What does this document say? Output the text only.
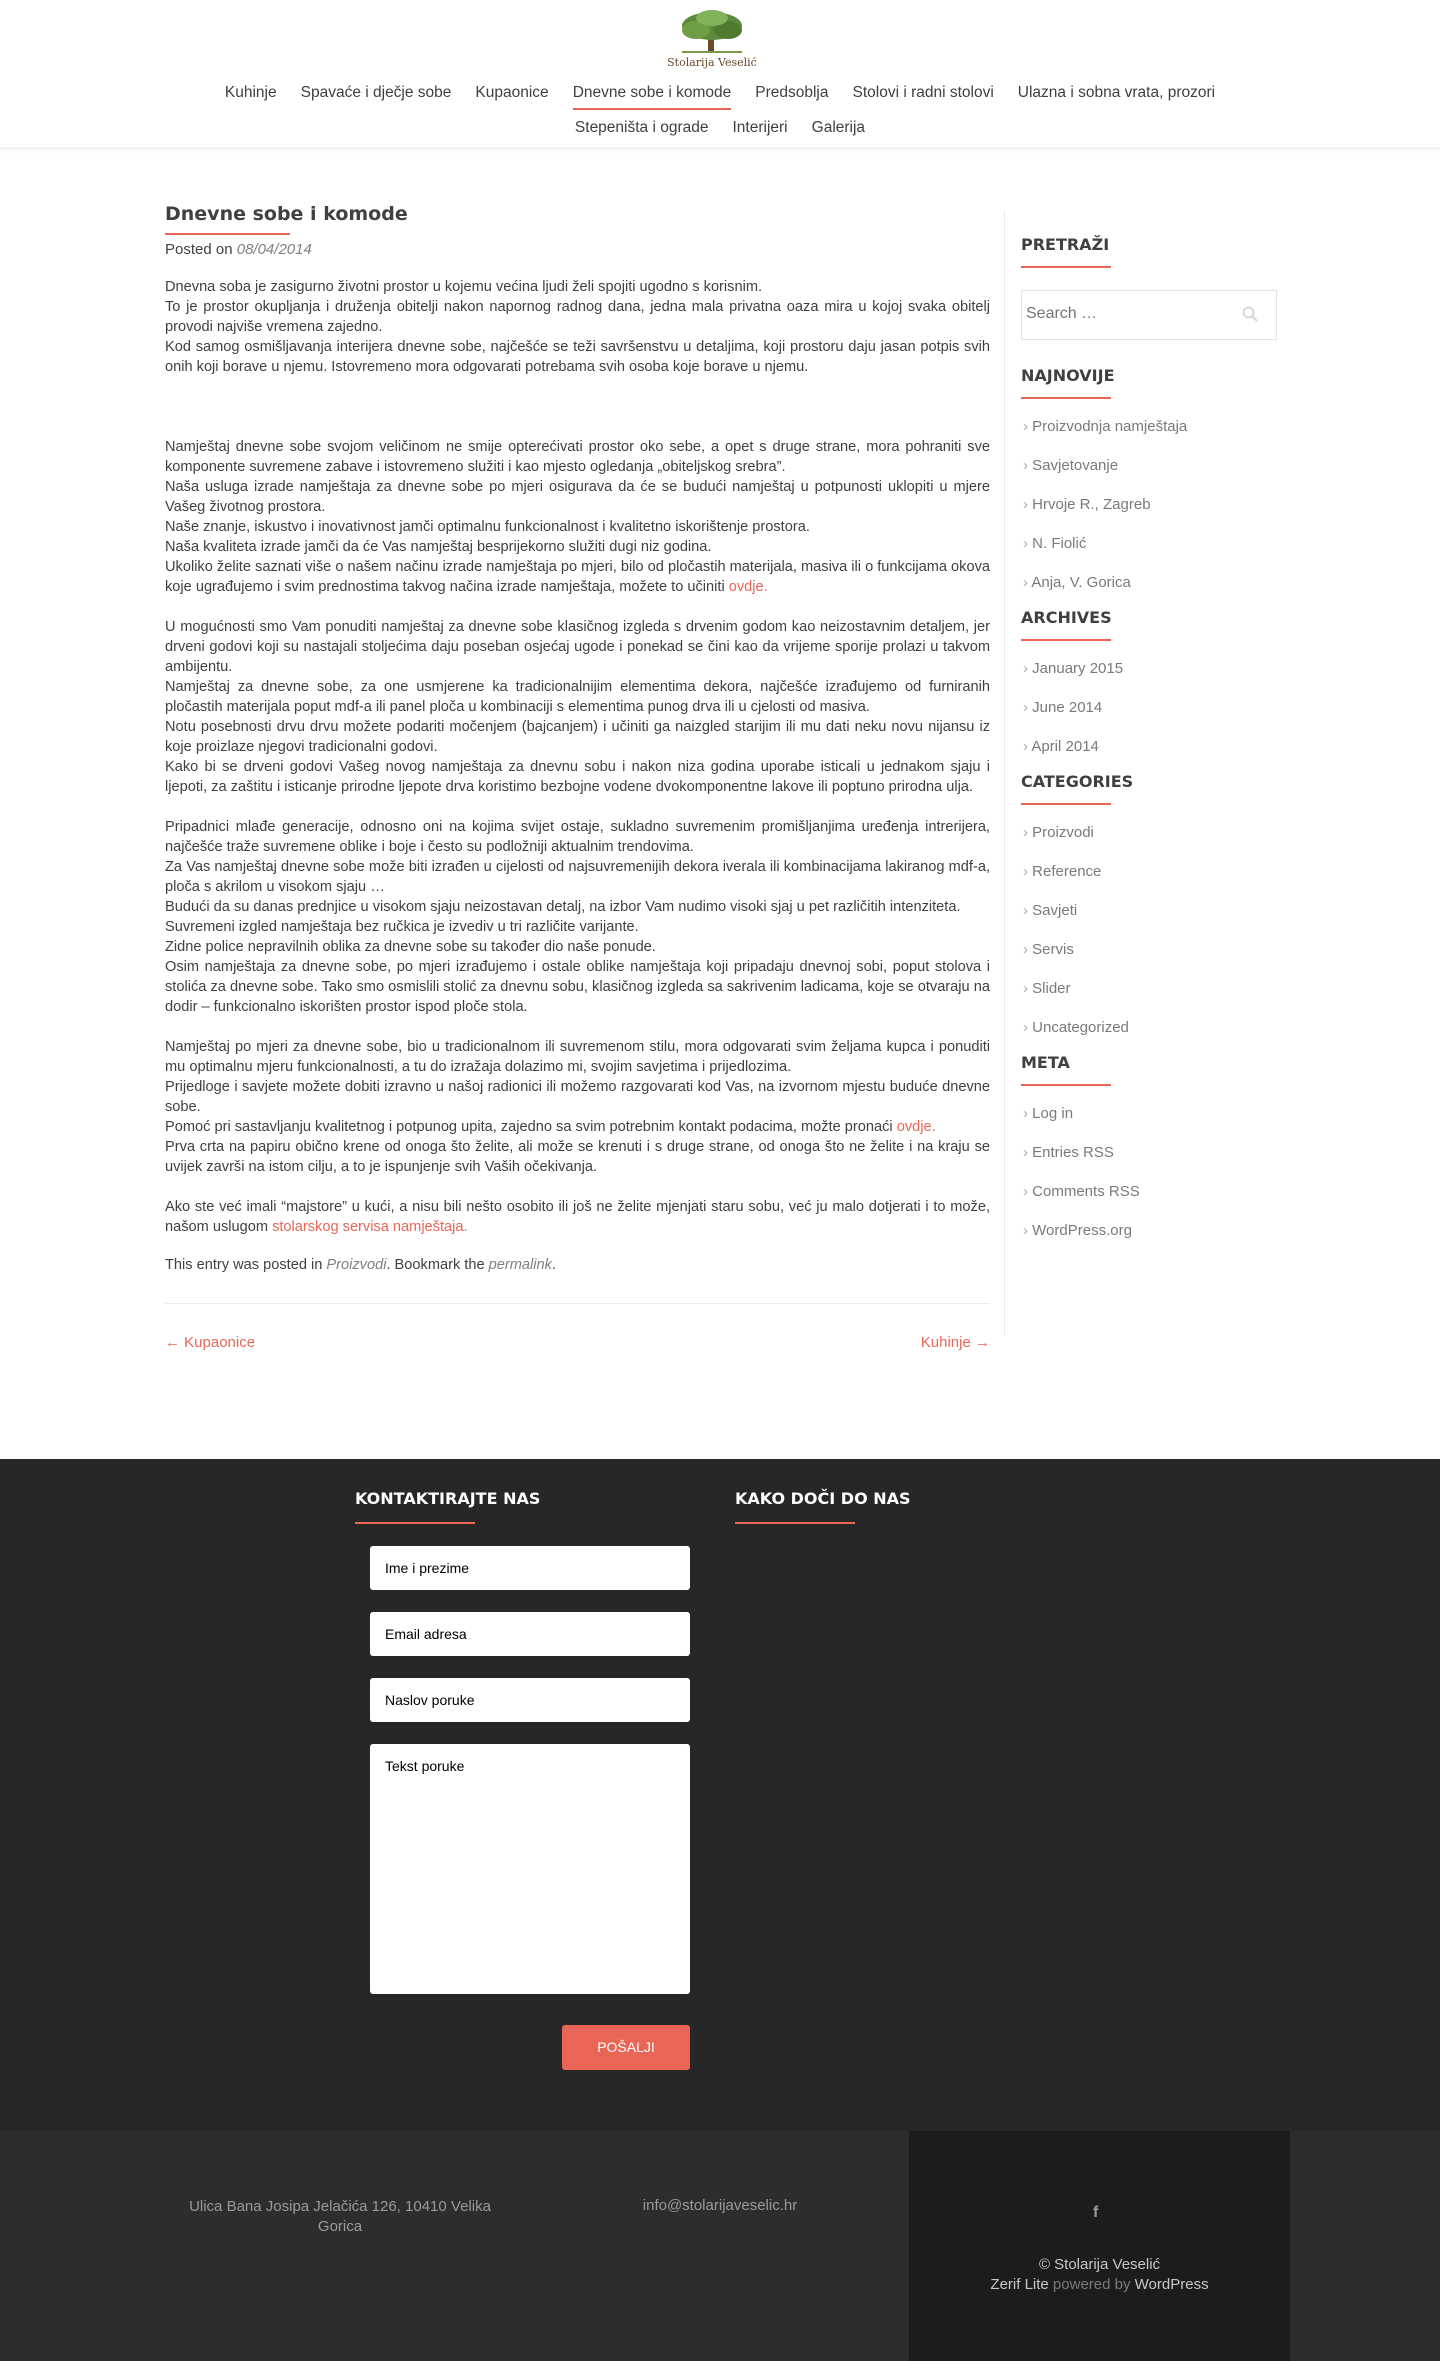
Stolarija Veselić
Kuhinje Spavaće i dječje sobe Kupaonice Dnevne sobe i komode Predsoblja Stolovi i radni stolovi Ulazna i sobna vrata, prozori
Stepeništa i ograde Interijeri Galerija
Dnevne sobe i komode
Posted on 08/04/2014
Dnevna soba je zasigurno životni prostor u kojemu većina ljudi želi spojiti ugodno s korisnim.
To je prostor okupljanja i druženja obitelji nakon napornog radnog dana, jedna mala privatna oaza mira u kojoj svaka obitelj provodi najviše vremena zajedno.
Kod samog osmišljavanja interijera dnevne sobe, najčešće se teži savršenstvu u detaljima, koji prostoru daju jasan potpis svih onih koji borave u njemu. Istovremeno mora odgovarati potrebama svih osoba koje borave u njemu.
Namještaj dnevne sobe svojom veličinom ne smije opterećivati prostor oko sebe, a opet s druge strane, mora pohraniti sve komponente suvremene zabave i istovremeno služiti i kao mjesto ogledanja „obiteljskog srebra”.
Naša usluga izrade namještaja za dnevne sobe po mjeri osigurava da će se budući namještaj u potpunosti uklopiti u mjere Vašeg životnog prostora.
Naše znanje, iskustvo i inovativnost jamči optimalnu funkcionalnost i kvalitetno iskorištenje prostora.
Naša kvaliteta izrade jamči da će Vas namještaj besprijekorno služiti dugi niz godina.
Ukoliko želite saznati više o našem načinu izrade namještaja po mjeri, bilo od pločastih materijala, masiva ili o funkcijama okova koje ugrađujemo i svim prednostima takvog načina izrade namještaja, možete to učiniti ovdje.
U mogućnosti smo Vam ponuditi namještaj za dnevne sobe klasičnog izgleda s drvenim godom kao neizostavnim detaljem, jer drveni godovi koji su nastajali stoljećima daju poseban osjećaj ugode i ponekad se čini kao da vrijeme sporije prolazi u takvom ambijentu.
Namještaj za dnevne sobe, za one usmjerene ka tradicionalnijim elementima dekora, najčešće izrađujemo od furniranih pločastih materijala poput mdf-a ili panel ploča u kombinaciji s elementima punog drva ili u cjelosti od masiva.
Notu posebnosti drvu drvu možete podariti močenjem (bajcanjem) i učiniti ga naizgled starijim ili mu dati neku novu nijansu iz koje proizlaze njegovi tradicionalni godovi.
Kako bi se drveni godovi Vašeg novog namještaja za dnevnu sobu i nakon niza godina uporabe isticali u jednakom sjaju i ljepoti, za zaštitu i isticanje prirodne ljepote drva koristimo bezbojne vodene dvokomponentne lakove ili poptuno prirodna ulja.
Pripadnici mlađe generacije, odnosno oni na kojima svijet ostaje, sukladno suvremenim promišljanjima uređenja intrerijera, najčešće traže suvremene oblike i boje i često su podložniji aktualnim trendovima.
Za Vas namještaj dnevne sobe može biti izrađen u cijelosti od najsuvremenijih dekora iverala ili kombinacijama lakiranog mdf-a, ploča s akrilom u visokom sjaju …
Budući da su danas prednjice u visokom sjaju neizostavan detalj, na izbor Vam nudimo visoki sjaj u pet različitih intenziteta.
Suvremeni izgled namještaja bez ručkica je izvediv u tri različite varijante.
Zidne police nepravilnih oblika za dnevne sobe su također dio naše ponude.
Osim namještaja za dnevne sobe, po mjeri izrađujemo i ostale oblike namještaja koji pripadaju dnevnoj sobi, poput stolova i stolića za dnevne sobe. Tako smo osmislili stolić za dnevnu sobu, klasičnog izgleda sa sakrivenim ladicama, koje se otvaraju na dodir – funkcionalno iskorišten prostor ispod ploče stola.
Namještaj po mjeri za dnevne sobe, bio u tradicionalnom ili suvremenom stilu, mora odgovarati svim željama kupca i ponuditi mu optimalnu mjeru funkcionalnosti, a tu do izražaja dolazimo mi, svojim savjetima i prijedlozima.
Prijedloge i savjete možete dobiti izravno u našoj radionici ili možemo razgovarati kod Vas, na izvornom mjestu buduće dnevne sobe.
Pomoć pri sastavljanju kvalitetnog i potpunog upita, zajedno sa svim potrebnim kontakt podacima, možte pronaći ovdje.
Prva crta na papiru obično krene od onoga što želite, ali može se krenuti i s druge strane, od onoga što ne želite i na kraju se uvijek završi na istom cilju, a to je ispunjenje svih Vaših očekivanja.
Ako ste već imali “majstore” u kući, a nisu bili nešto osobito ili još ne želite mjenjati staru sobu, već ju malo dotjerati i to može, našom uslugom stolarskog servisa namještaja.
This entry was posted in Proizvodi. Bookmark the permalink.
← Kupaonice	Kuhinje →
PRETRAŽI
Search …
NAJNOVIJE
› Proizvodnja namještaja
› Savjetovanje
› Hrvoje R., Zagreb
› N. Fiolić
› Anja, V. Gorica
ARCHIVES
› January 2015
› June 2014
› April 2014
CATEGORIES
› Proizvodi
› Reference
› Savjeti
› Servis
› Slider
› Uncategorized
META
› Log in
› Entries RSS
› Comments RSS
› WordPress.org
KONTAKTIRAJTE NAS	KAKO DOČI DO NAS
Ime i prezime
Email adresa
Naslov poruke
Tekst poruke
POŠALJI
Ulica Bana Josipa Jelačića 126, 10410 Velika Gorica
info@stolarijaveselic.hr	f
© Stolarija Veselić
Zerif Lite powered by WordPress
